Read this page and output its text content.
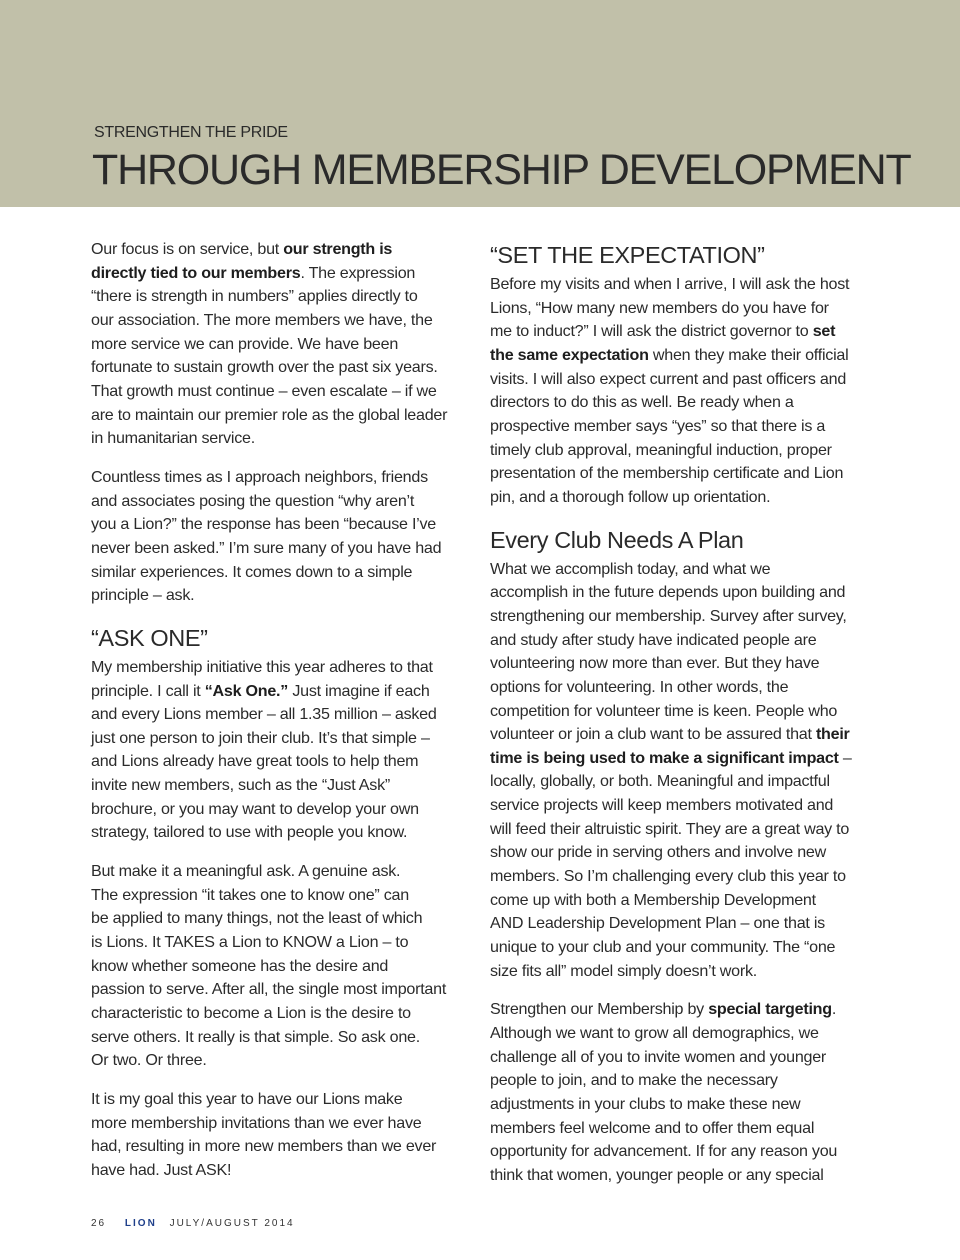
STRENGTHEN THE PRIDE
THROUGH MEMBERSHIP DEVELOPMENT
Our focus is on service, but our strength is
directly tied to our members. The expression
“there is strength in numbers” applies directly to
our association. The more members we have, the
more service we can provide. We have been
fortunate to sustain growth over the past six years.
That growth must continue – even escalate – if we
are to maintain our premier role as the global leader
in humanitarian service.
Countless times as I approach neighbors, friends
and associates posing the question “why aren’t
you a Lion?” the response has been “because I’ve
never been asked.” I’m sure many of you have had
similar experiences. It comes down to a simple
principle – ask.
“ASK ONE”
My membership initiative this year adheres to that
principle. I call it “Ask One.” Just imagine if each
and every Lions member – all 1.35 million – asked
just one person to join their club. It’s that simple –
and Lions already have great tools to help them
invite new members, such as the “Just Ask”
brochure, or you may want to develop your own
strategy, tailored to use with people you know.
But make it a meaningful ask. A genuine ask.
The expression “it takes one to know one” can
be applied to many things, not the least of which
is Lions. It TAKES a Lion to KNOW a Lion – to
know whether someone has the desire and
passion to serve. After all, the single most important
characteristic to become a Lion is the desire to
serve others. It really is that simple. So ask one.
Or two. Or three.
It is my goal this year to have our Lions make
more membership invitations than we ever have
had, resulting in more new members than we ever
have had. Just ASK!
“SET THE EXPECTATION”
Before my visits and when I arrive, I will ask the host
Lions, “How many new members do you have for
me to induct?” I will ask the district governor to set
the same expectation when they make their official
visits. I will also expect current and past officers and
directors to do this as well. Be ready when a
prospective member says “yes” so that there is a
timely club approval, meaningful induction, proper
presentation of the membership certificate and Lion
pin, and a thorough follow up orientation.
Every Club Needs A Plan
What we accomplish today, and what we
accomplish in the future depends upon building and
strengthening our membership. Survey after survey,
and study after study have indicated people are
volunteering now more than ever. But they have
options for volunteering. In other words, the
competition for volunteer time is keen. People who
volunteer or join a club want to be assured that their
time is being used to make a significant impact –
locally, globally, or both. Meaningful and impactful
service projects will keep members motivated and
will feed their altruistic spirit. They are a great way to
show our pride in serving others and involve new
members. So I’m challenging every club this year to
come up with both a Membership Development
AND Leadership Development Plan – one that is
unique to your club and your community. The “one
size fits all” model simply doesn’t work.
Strengthen our Membership by special targeting.
Although we want to grow all demographics, we
challenge all of you to invite women and younger
people to join, and to make the necessary
adjustments in your clubs to make these new
members feel welcome and to offer them equal
opportunity for advancement. If for any reason you
think that women, younger people or any special
26 LION JULY/AUGUST 2014
